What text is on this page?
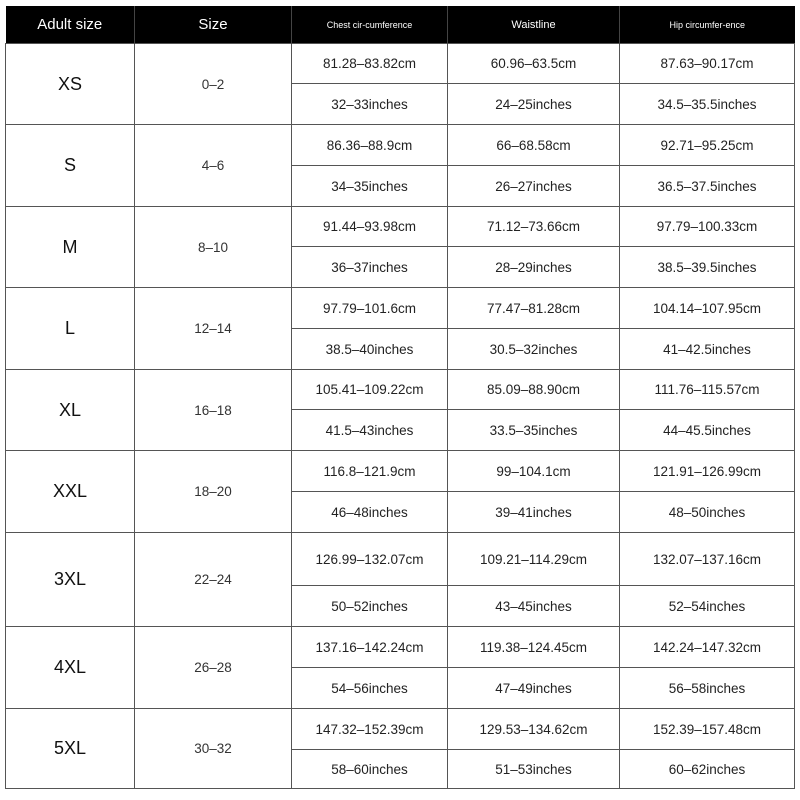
Adult size	Size	Chest cir-cumference	Waistline	Hip circumfer-ence
XS	0–2	81.28–83.82cm	60.96–63.5cm	87.63–90.17cm
		32–33inches	24–25inches	34.5–35.5inches
S	4–6	86.36–88.9cm	66–68.58cm	92.71–95.25cm
		34–35inches	26–27inches	36.5–37.5inches
M	8–10	91.44–93.98cm	71.12–73.66cm	97.79–100.33cm
		36–37inches	28–29inches	38.5–39.5inches
L	12–14	97.79–101.6cm	77.47–81.28cm	104.14–107.95cm
		38.5–40inches	30.5–32inches	41–42.5inches
XL	16–18	105.41–109.22cm	85.09–88.90cm	111.76–115.57cm
		41.5–43inches	33.5–35inches	44–45.5inches
XXL	18–20	116.8–121.9cm	99–104.1cm	121.91–126.99cm
		46–48inches	39–41inches	48–50inches
3XL	22–24	126.99–132.07cm	109.21–114.29cm	132.07–137.16cm
		50–52inches	43–45inches	52–54inches
4XL	26–28	137.16–142.24cm	119.38–124.45cm	142.24–147.32cm
		54–56inches	47–49inches	56–58inches
5XL	30–32	147.32–152.39cm	129.53–134.62cm	152.39–157.48cm
		58–60inches	51–53inches	60–62inches
